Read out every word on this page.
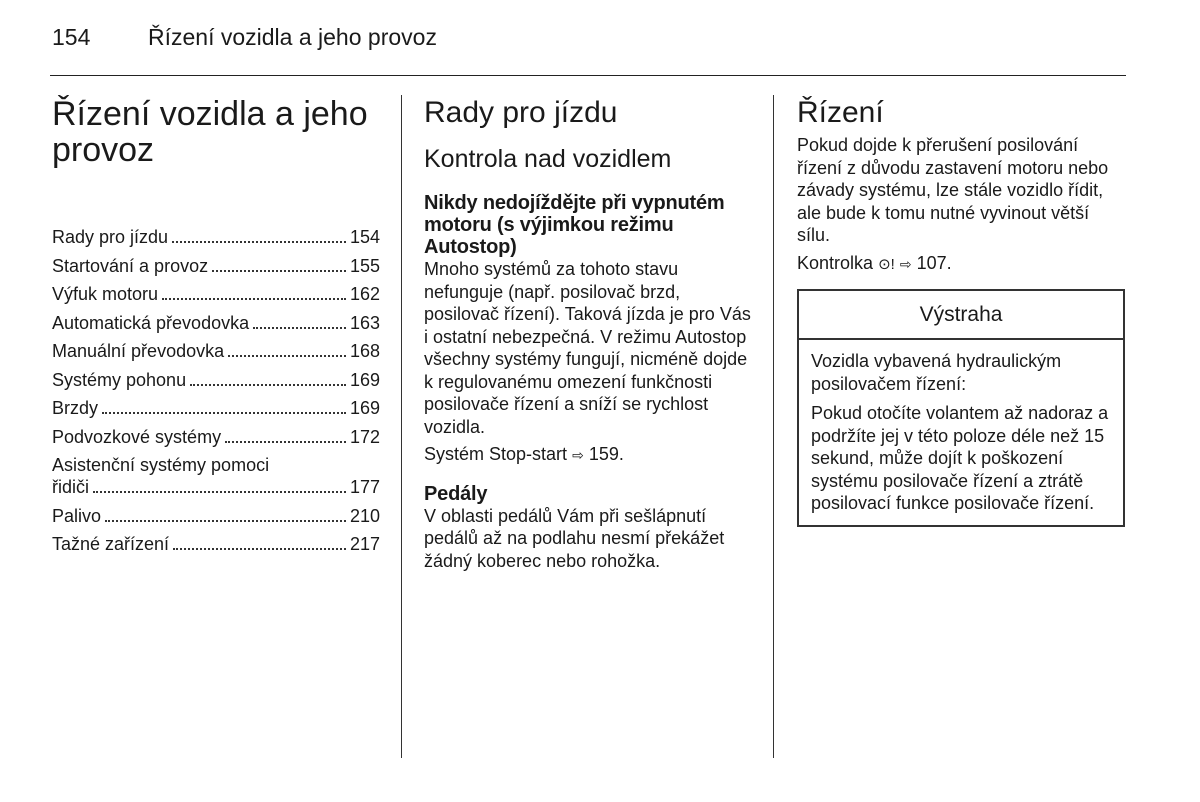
154	Řízení vozidla a jeho provoz
Řízení vozidla a jeho provoz
Rady pro jízdu	154
Startování a provoz	155
Výfuk motoru	162
Automatická převodovka	163
Manuální převodovka	168
Systémy pohonu	169
Brzdy	169
Podvozkové systémy	172
Asistenční systémy pomoci
řidiči	177
Palivo	210
Tažné zařízení	217
Rady pro jízdu
Kontrola nad vozidlem
Nikdy nedojíždějte při vypnutém motoru (s výjimkou režimu Autostop)

Mnoho systémů za tohoto stavu nefunguje (např. posilovač brzd, posilovač řízení). Taková jízda je pro Vás i ostatní nebezpečná. V režimu Autostop všechny systémy fungují, nicméně dojde k regulovanému omezení funkčnosti posilovače řízení a sníží se rychlost vozidla.

Systém Stop-start ⇨ 159.

Pedály

V oblasti pedálů Vám při sešlápnutí pedálů až na podlahu nesmí překážet žádný koberec nebo rohožka.

Řízení

Pokud dojde k přerušení posilování řízení z důvodu zastavení motoru nebo závady systému, lze stále vozidlo řídit, ale bude k tomu nutné vyvinout větší sílu.

Kontrolka ⊙! ⇨ 107.

Výstraha

Vozidla vybavená hydraulickým posilovačem řízení:

Pokud otočíte volantem až nadoraz a podržíte jej v této poloze déle než 15 sekund, může dojít k poškození systému posilovače řízení a ztrátě posilovací funkce posilovače řízení.
